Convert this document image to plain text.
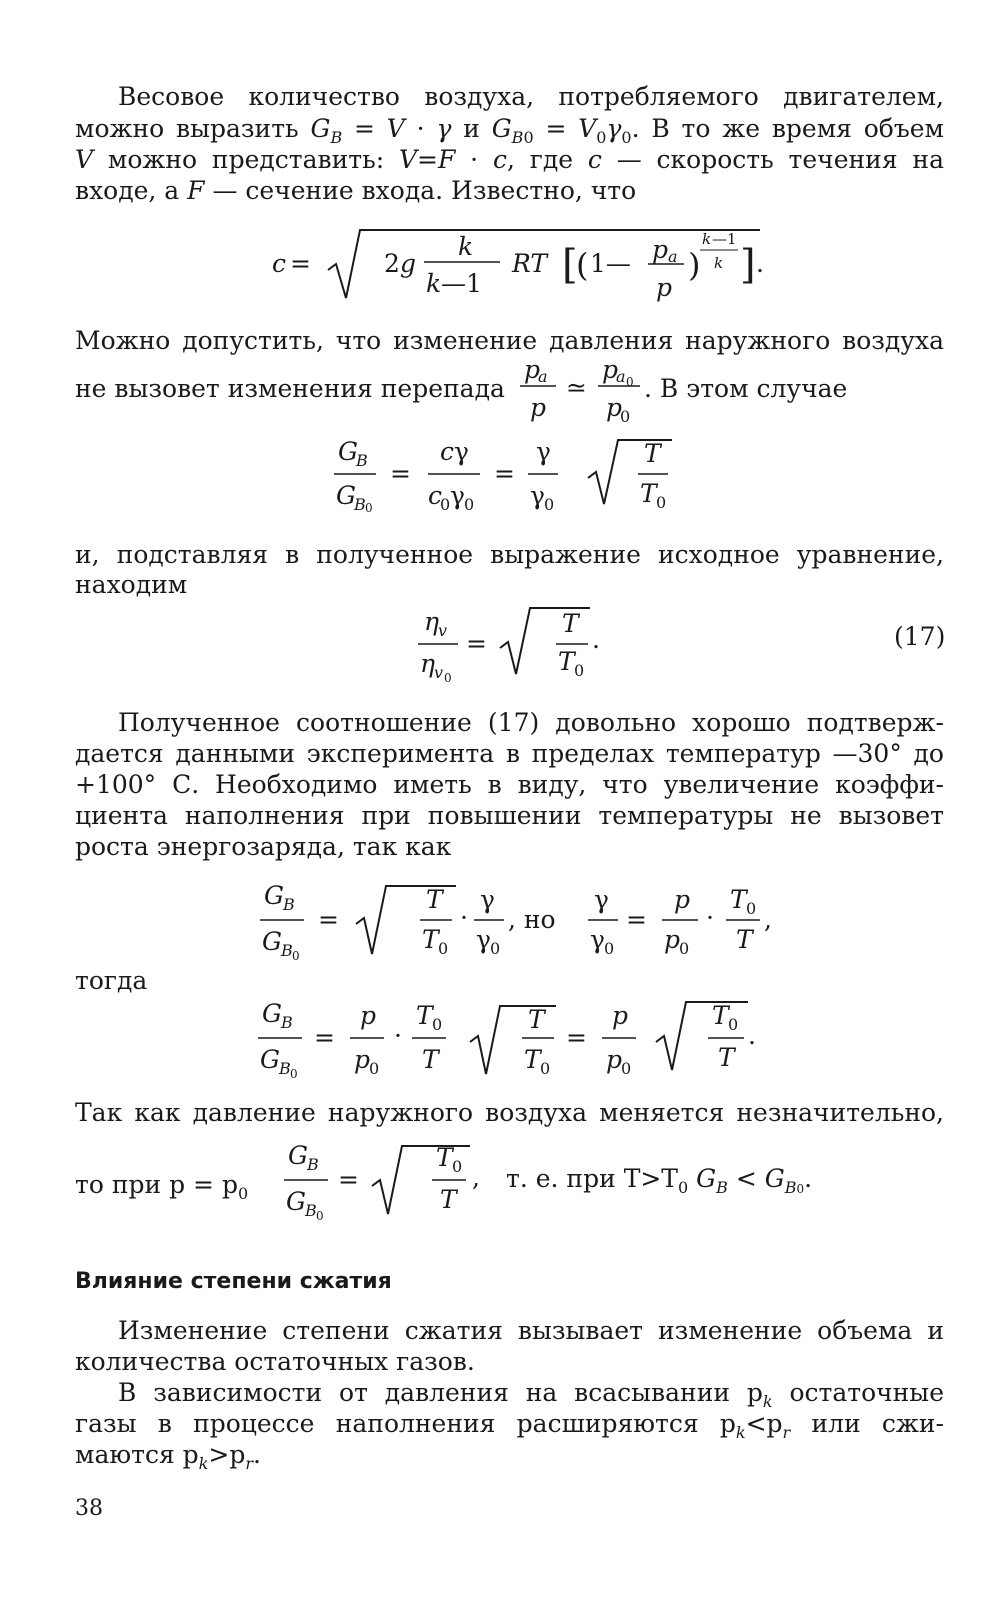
Весовое количество воздуха, потребляемого двигателем,
можно выразить $G_B = V \cdot \gamma$ и $G_{B0} = V_0\gamma_0$. В то же время объем
V можно представить: V=F · c, где c — скорость течения на
входе, а F — сечение входа. Известно, что
c =	2 g
k
k —1
RT [
( 1— p a
p
)
k —1
k ] .
Можно допустить, что изменение давления наружного воздуха
не вызовет изменения перепада
p
a
p
≃
p
a 0
p
0
. В этом случае
G
B
G
B 0
=
c γ
c
0 γ 0
=
γ
γ 0
T
T 0
и, подставляя в полученное выражение исходное уравнение,
находим
η v
η v 0
=
T
T 0
.	(17)
Полученное соотношение (17) довольно хорошо подтверж-
дается данными эксперимента в пределах температур —30° до
+100° С. Необходимо иметь в виду, что увеличение коэффи-
циента наполнения при повышении температуры не вызовет
роста энергозаряда, так как
G B
G B 0
=
T
T 0
·
γ
γ 0
, но
γ
γ 0
=
p
p
0
·
T 0
T
,
тогда
G B
G B 0
=
p
p
0
·
T 0
T
T
T 0
=
p
p
0
T 0
T
.
Так как давление наружного воздуха меняется незначительно,
то при $p = p_0$
G B
G B 0
=
T 0
T
, т. е. при $T>T_0$ $G_B < G_{B0}$.
Влияние степени сжатия
Изменение степени сжатия вызывает изменение объема и
количества остаточных газов.
В зависимости от давления на всасывании $p_k$ остаточные
газы в процессе наполнения расширяются $p_k<p_r$ или сжи-
маются $p_k>p_r$.
38
